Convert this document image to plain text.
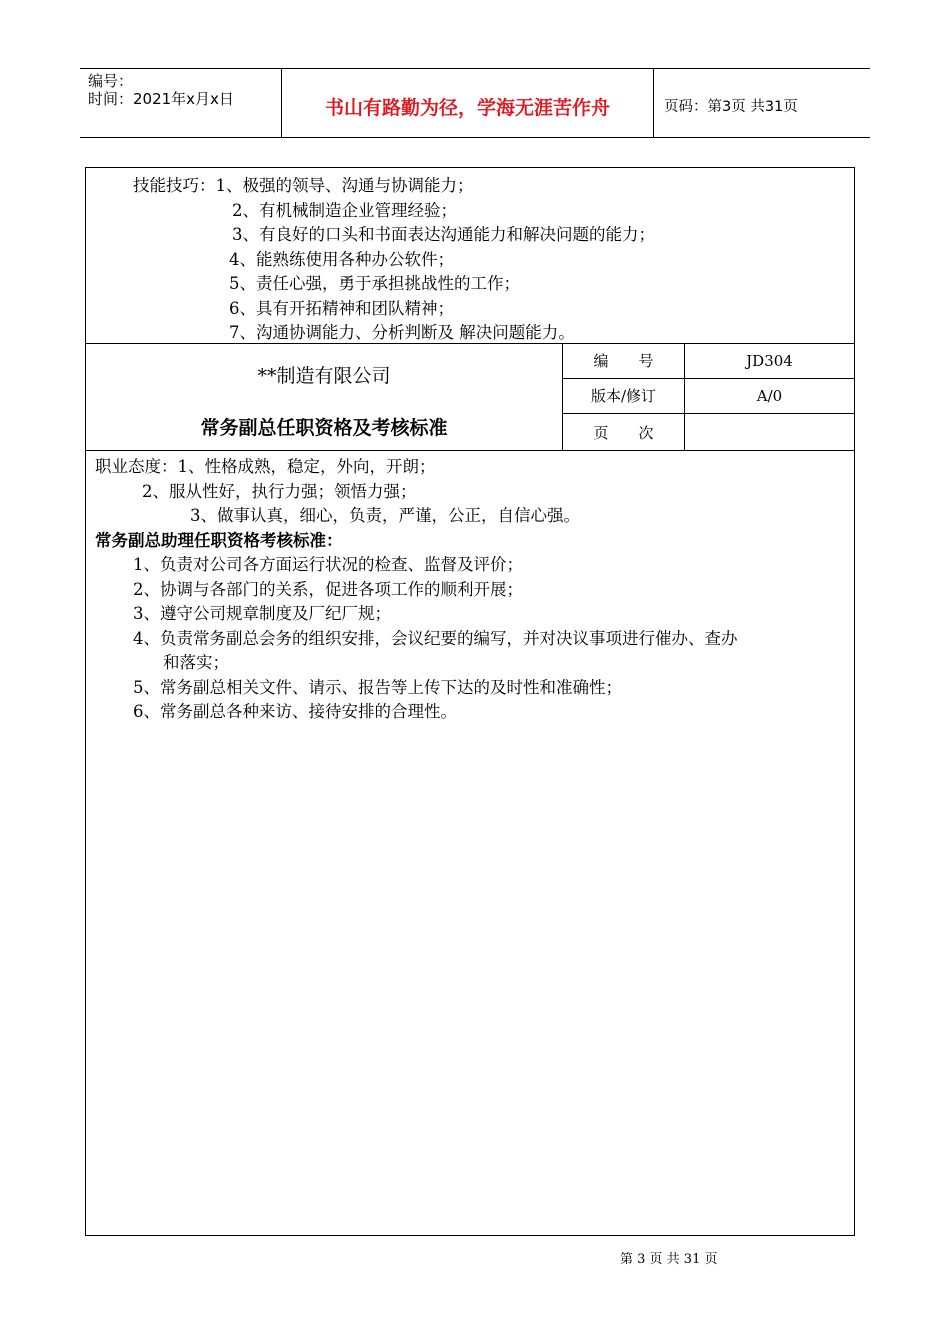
编号：
时间：2021年x月x日	书山有路勤为径，学海无涯苦作舟	页码：第3页 共31页
技能技巧：1、极强的领导、沟通与协调能力；
2、有机械制造企业管理经验；
3、有良好的口头和书面表达沟通能力和解决问题的能力；
4、能熟练使用各种办公软件；
5、责任心强，勇于承担挑战性的工作；
6、具有开拓精神和团队精神；
7、沟通协调能力、分析判断及 解决问题能力。
**制造有限公司
常务副总任职资格及考核标准
编　　号	JD304
版本/修订	A/0
页　　次
职业态度：1、性格成熟，稳定，外向，开朗；
2、服从性好，执行力强；领悟力强；
3、做事认真，细心，负责，严谨，公正，自信心强。
常务副总助理任职资格考核标准：
1、负责对公司各方面运行状况的检查、监督及评价；
2、协调与各部门的关系，促进各项工作的顺利开展；
3、遵守公司规章制度及厂纪厂规；
4、负责常务副总会务的组织安排，会议纪要的编写，并对决议事项进行催办、查办
和落实；
5、常务副总相关文件、请示、报告等上传下达的及时性和准确性；
6、常务副总各种来访、接待安排的合理性。
第 3 页 共 31 页
